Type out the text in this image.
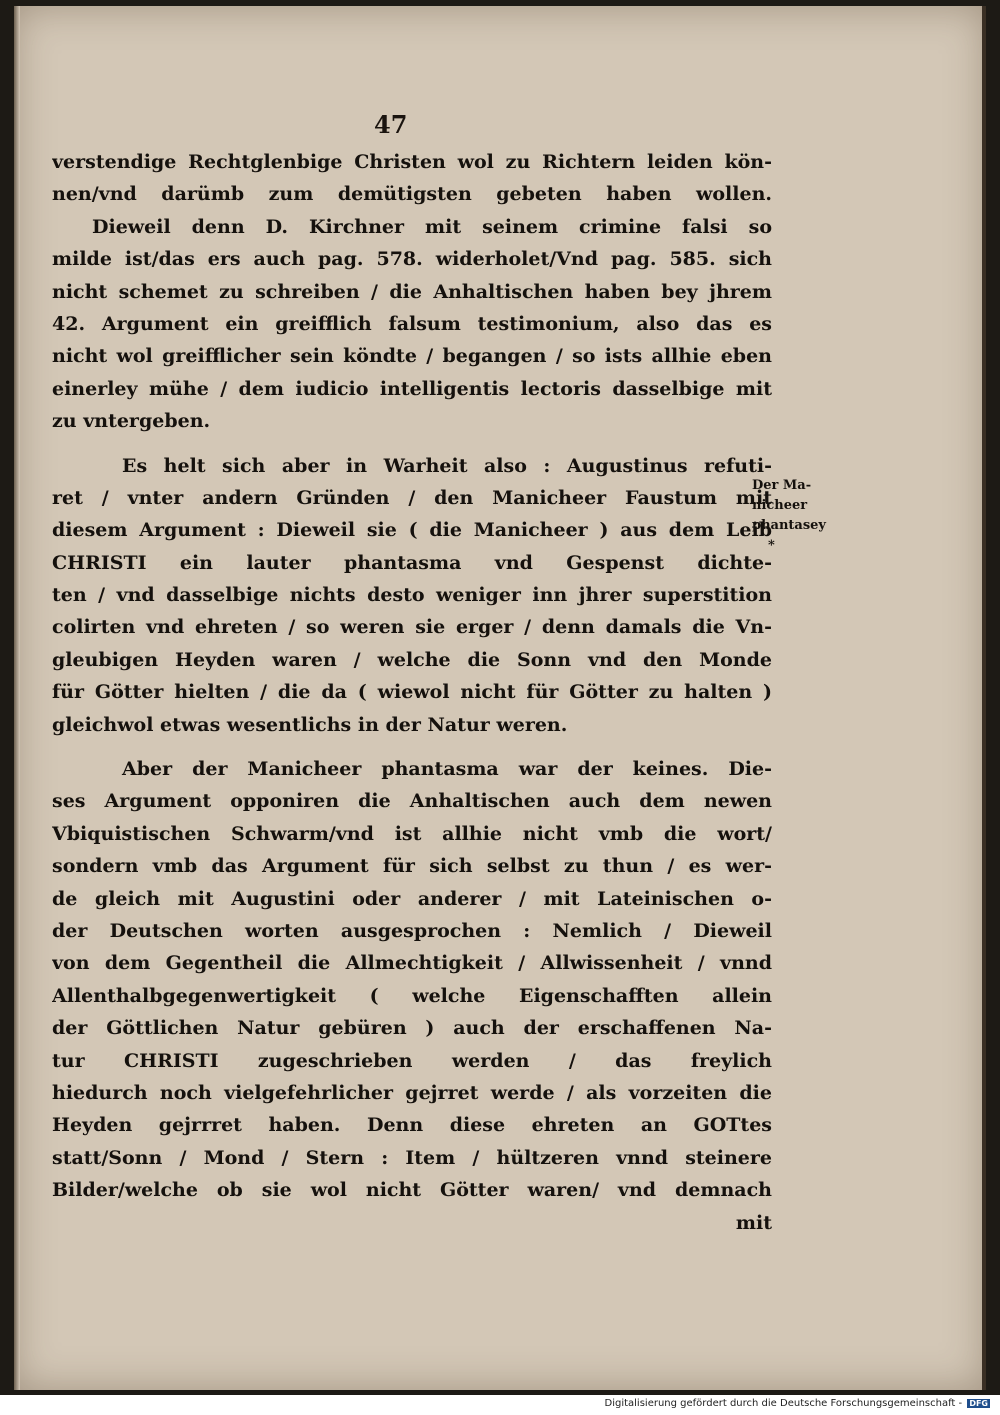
47
verstendige Rechtglenbige Christen wol zu Richtern leiden kön-
nen/vnd darümb zum demütigsten gebeten haben wollen.
Dieweil denn D. Kirchner mit seinem crimine falsi so
milde ist/das ers auch pag. 578. widerholet/Vnd pag. 585. sich
nicht schemet zu schreiben / die Anhaltischen haben bey jhrem
42. Argument ein greifflich falsum testimonium, also das es
nicht wol greifflicher sein köndte / begangen / so ists allhie eben
einerley mühe / dem iudicio intelligentis lectoris dasselbige mit
zu vntergeben.
Es helt sich aber in Warheit also : Augustinus refuti-
ret / vnter andern Gründen / den Manicheer Faustum mit
diesem Argument : Dieweil sie ( die Manicheer ) aus dem Leib
CHRISTI ein lauter phantasma vnd Gespenst dichte-
ten / vnd dasselbige nichts desto weniger inn jhrer superstition
colirten vnd ehreten / so weren sie erger / denn damals die Vn-
gleubigen Heyden waren / welche die Sonn vnd den Monde
für Götter hielten / die da ( wiewol nicht für Götter zu halten )
gleichwol etwas wesentlichs in der Natur weren.
Aber der Manicheer phantasma war der keines. Die-
ses Argument opponiren die Anhaltischen auch dem newen
Vbiquistischen Schwarm/vnd ist allhie nicht vmb die wort/
sondern vmb das Argument für sich selbst zu thun / es wer-
de gleich mit Augustini oder anderer / mit Lateinischen o-
der Deutschen worten ausgesprochen : Nemlich / Dieweil
von dem Gegentheil die Allmechtigkeit / Allwissenheit / vnnd
Allenthalbgegenwertigkeit ( welche Eigenschafften allein
der Göttlichen Natur gebüren ) auch der erschaffenen Na-
tur CHRISTI zugeschrieben werden / das freylich
hiedurch noch vielgefehrlicher gejrret werde / als vorzeiten die
Heyden gejrrret haben. Denn diese ehreten an GOTtes
statt/Sonn / Mond / Stern : Item / hültzeren vnnd steinere
Bilder/welche ob sie wol nicht Götter waren/ vnd demnach
mit
Der Ma-
nicheer
phantasey
*
Digitalisierung gefördert durch die Deutsche Forschungsgemeinschaft - DFG
